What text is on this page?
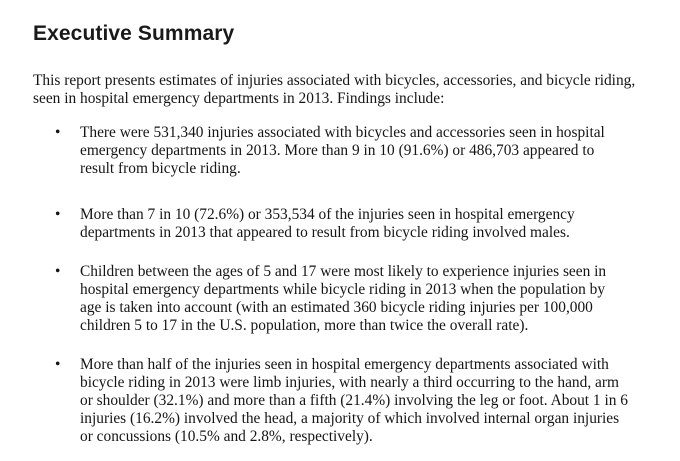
Executive Summary

This report presents estimates of injuries associated with bicycles, accessories, and bicycle riding, seen in hospital emergency departments in 2013. Findings include:

•	There were 531,340 injuries associated with bicycles and accessories seen in hospital emergency departments in 2013. More than 9 in 10 (91.6%) or 486,703 appeared to result from bicycle riding.

•	More than 7 in 10 (72.6%) or 353,534 of the injuries seen in hospital emergency departments in 2013 that appeared to result from bicycle riding involved males.

•	Children between the ages of 5 and 17 were most likely to experience injuries seen in hospital emergency departments while bicycle riding in 2013 when the population by age is taken into account (with an estimated 360 bicycle riding injuries per 100,000 children 5 to 17 in the U.S. population, more than twice the overall rate).

•	More than half of the injuries seen in hospital emergency departments associated with bicycle riding in 2013 were limb injuries, with nearly a third occurring to the hand, arm or shoulder (32.1%) and more than a fifth (21.4%) involving the leg or foot. About 1 in 6 injuries (16.2%) involved the head, a majority of which involved internal organ injuries or concussions (10.5% and 2.8%, respectively).
